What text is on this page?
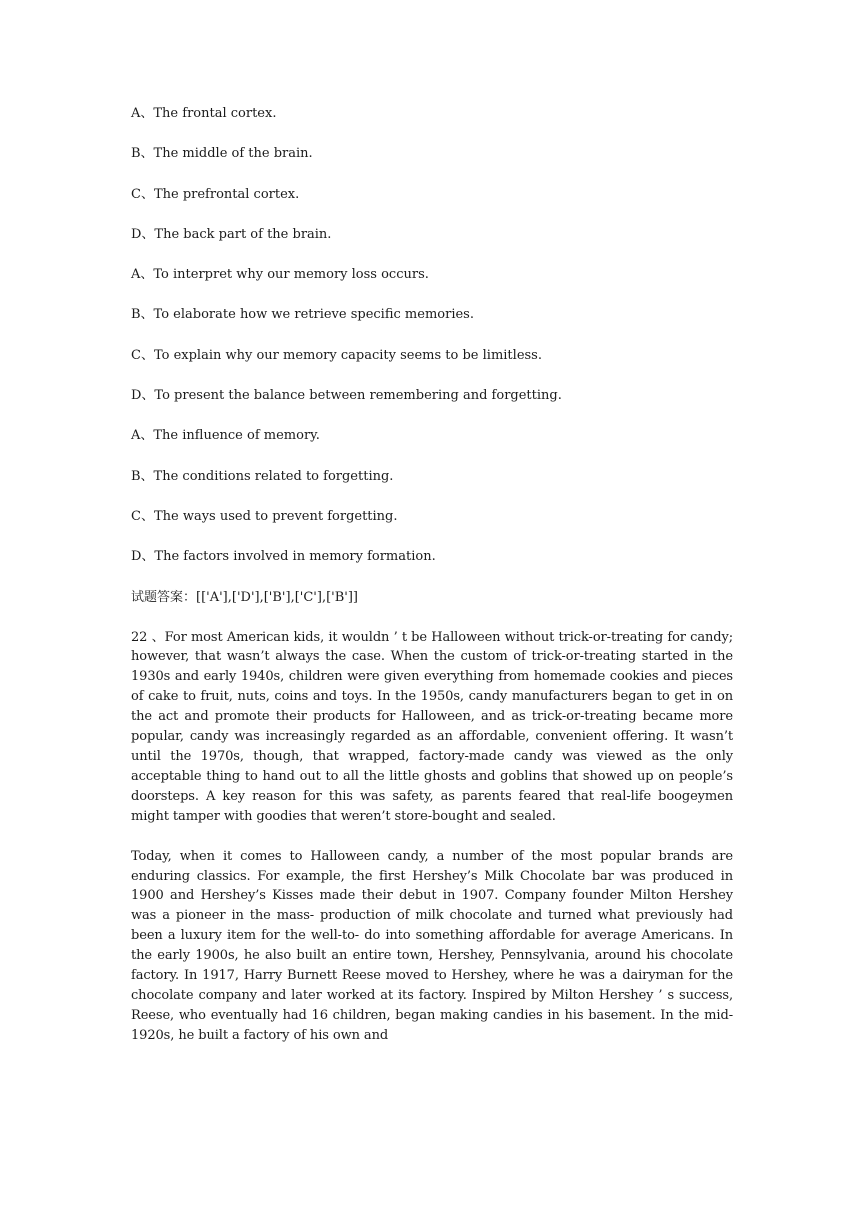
A、The frontal cortex.
B、The middle of the brain.
C、The prefrontal cortex.
D、The back part of the brain.
A、To interpret why our memory loss occurs.
B、To elaborate how we retrieve specific memories.
C、To explain why our memory capacity seems to be limitless.
D、To present the balance between remembering and forgetting.
A、The influence of memory.
B、The conditions related to forgetting.
C、The ways used to prevent forgetting.
D、The factors involved in memory formation.
试题答案：[['A'],['D'],['B'],['C'],['B']]

22 、For most American kids, it wouldn ’ t be Halloween without trick-or-treating for candy; however, that wasn’t always the case. When the custom of trick-or-treating started in the 1930s and early 1940s, children were given everything from homemade cookies and pieces of cake to fruit, nuts, coins and toys. In the 1950s, candy manufacturers began to get in on the act and promote their products for Halloween, and as trick-or-treating became more popular, candy was increasingly regarded as an affordable, convenient offering. It wasn’t until the 1970s, though, that wrapped, factory-made candy was viewed as the only acceptable thing to hand out to all the little ghosts and goblins that showed up on people’s doorsteps. A key reason for this was safety, as parents feared that real-life boogeymen might tamper with goodies that weren’t store-bought and sealed.

Today, when it comes to Halloween candy, a number of the most popular brands are enduring classics. For example, the first Hershey’s Milk Chocolate bar was produced in 1900 and Hershey’s Kisses made their debut in 1907. Company founder Milton Hershey was a pioneer in the mass- production of milk chocolate and turned what previously had been a luxury item for the well-to- do into something affordable for average Americans. In the early 1900s, he also built an entire town, Hershey, Pennsylvania, around his chocolate factory. In 1917, Harry Burnett Reese moved to Hershey, where he was a dairyman for the chocolate company and later worked at its factory. Inspired by Milton Hershey ’ s success, Reese, who eventually had 16 children, began making candies in his basement. In the mid-1920s, he built a factory of his own and
